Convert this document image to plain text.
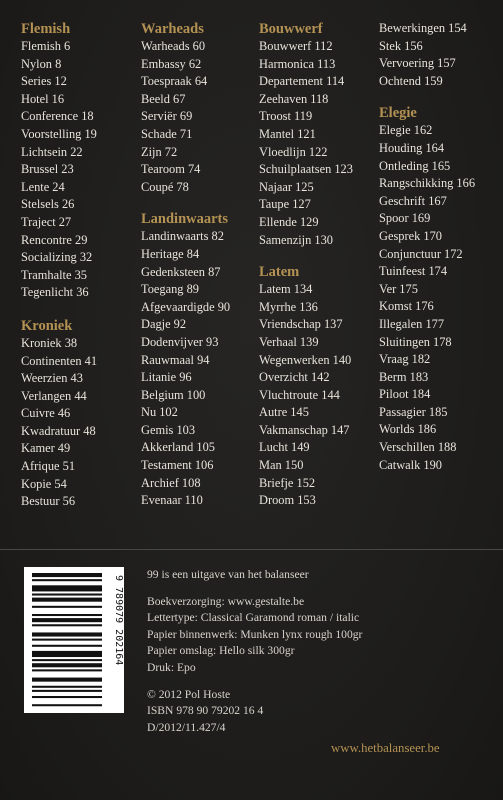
Flemish
Flemish 6
Nylon 8
Series 12
Hotel 16
Conference 18
Voorstelling 19
Lichtsein 22
Brussel 23
Lente 24
Stelsels 26
Traject 27
Rencontre 29
Socializing 32
Tramhalte 35
Tegenlicht 36
Kroniek
Kroniek 38
Continenten 41
Weerzien 43
Verlangen 44
Cuivre 46
Kwadratuur 48
Kamer 49
Afrique 51
Kopie 54
Bestuur 56
Warheads
Warheads 60
Embassy 62
Toespraak 64
Beeld 67
Serviër 69
Schade 71
Zijn 72
Tearoom 74
Coupé 78
Landinwaarts
Landinwaarts 82
Heritage 84
Gedenksteen 87
Toegang 89
Afgevaardigde 90
Dagje 92
Dodenvijver 93
Rauwmaal 94
Litanie 96
Belgium 100
Nu 102
Gemis 103
Akkerland 105
Testament 106
Archief 108
Evenaar 110
Bouwwerf
Bouwwerf 112
Harmonica 113
Departement 114
Zeehaven 118
Troost 119
Mantel 121
Vloedlijn 122
Schuilplaatsen 123
Najaar 125
Taupe 127
Ellende 129
Samenzijn 130
Latem
Latem 134
Myrrhe 136
Vriendschap 137
Verhaal 139
Wegenwerken 140
Overzicht 142
Vluchtroute 144
Autre 145
Vakmanschap 147
Lucht 149
Man 150
Briefje 152
Droom 153
Bewerkingen 154
Stek 156
Vervoering 157
Ochtend 159
Elegie
Elegie 162
Houding 164
Ontleding 165
Rangschikking 166
Geschrift 167
Spoor 169
Gesprek 170
Conjunctuur 172
Tuinfeest 174
Ver 175
Komst 176
Illegalen 177
Sluitingen 178
Vraag 182
Berm 183
Piloot 184
Passagier 185
Worlds 186
Verschillen 188
Catwalk 190
9 789079 202164
99 is een uitgave van het balanseer
Boekverzorging: www.gestalte.be
Lettertype: Classical Garamond roman / italic
Papier binnenwerk: Munken lynx rough 100gr
Papier omslag: Hello silk 300gr
Druk: Epo
© 2012 Pol Hoste
ISBN 978 90 79202 16 4
D/2012/11.427/4
www.hetbalanseer.be
